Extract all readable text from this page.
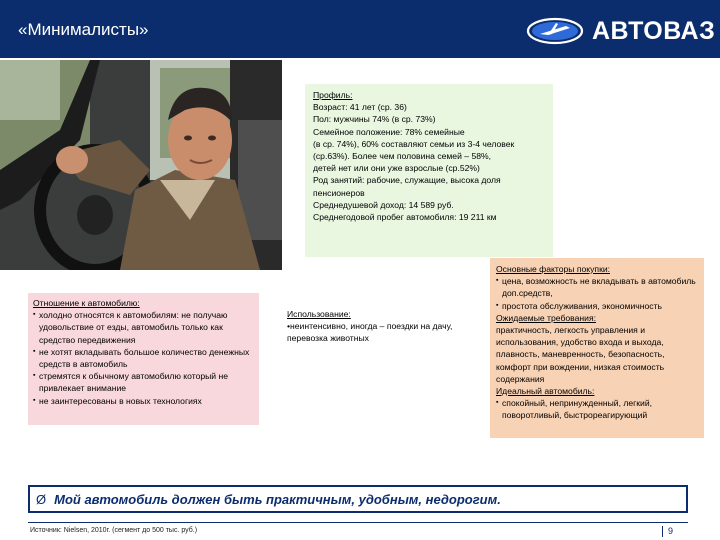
«Минималисты»	АВТОВАЗ
Профиль:
Возраст: 41 лет (ср. 36)
Пол: мужчины 74% (в ср. 73%)
Семейное положение: 78% семейные
(в ср. 74%), 60% составляют семьи из 3-4 человек
(ср.63%). Более чем половина семей – 58%,
детей нет или они уже взрослые (ср.52%)
Род занятий: рабочие, служащие, высока доля
пенсионеров
Среднедушевой доход: 14 589 руб.
Среднегодовой пробег автомобиля: 19 211 км
Отношение к автомобилю:
▪ холодно относятся к автомобилям: не получаю удовольствие от езды, автомобиль только как средство передвижения
▪ не хотят вкладывать большое количество денежных средств в автомобиль
▪ стремятся к обычному автомобилю который не привлекает внимание
▪ не заинтересованы в новых технологиях
Использование:
•неинтенсивно, иногда – поездки на дачу, перевозка животных
Основные факторы покупки:
▪ цена, возможность не вкладывать в автомобиль доп.средств,
▪ простота обслуживания, экономичность
Ожидаемые требования:
практичность, легкость управления и использования, удобство входа и выхода, плавность, маневренность, безопасность, комфорт при вождении, низкая стоимость содержания
Идеальный автомобиль:
▪ спокойный, непринужденный, легкий, поворотливый, быстрореагирующий
Ø Мой автомобиль должен быть практичным, удобным, недорогим.
Источник: Nielsen, 2010г. (сегмент до 500 тыс. руб.)	9
